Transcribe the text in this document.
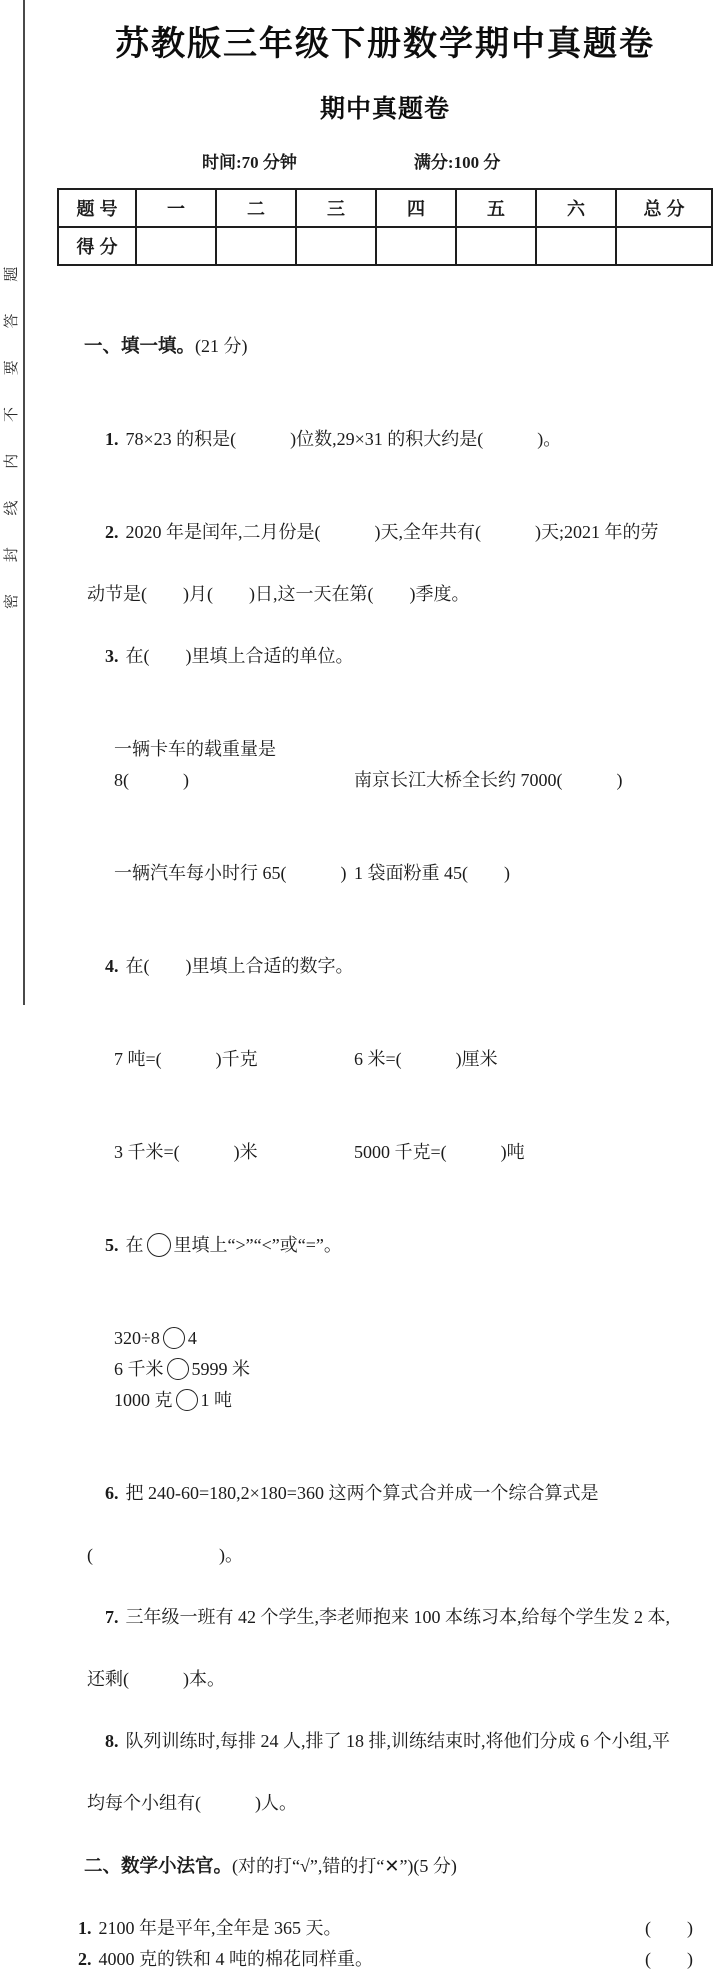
密 封 线 内 不 要 答 题
苏教版三年级下册数学期中真题卷
期中真题卷
时间:70 分钟	满分:100 分
题 号	一	二	三	四	五	六	总 分
得 分							

一、填一填。(21 分)

1. 78×23 的积是(　　　)位数,29×31 的积大约是(　　　)。

2. 2020 年是闰年,二月份是(　　　)天,全年共有(　　　)天;2021 年的劳

动节是(　　)月(　　)日,这一天在第(　　)季度。

3. 在(　　)里填上合适的单位。

一辆卡车的载重量是 8(　　　)	南京长江大桥全长约 7000(　　　)

一辆汽车每小时行 65(　　　) 1 袋面粉重 45(　　)

4. 在(　　)里填上合适的数字。

7 吨=(　　　)千克	6 米=(　　　)厘米

3 千米=(　　　)米	5000 千克=(　　　)吨

5. 在 里填上“>”“<”或“=”。

320÷8 4
6 千米 5999 米
1000 克 1 吨

6. 把 240-60=180,2×180=360 这两个算式合并成一个综合算式是

(　　　　　　　)。

7. 三年级一班有 42 个学生,李老师抱来 100 本练习本,给每个学生发 2 本,

还剩(　　　)本。

8. 队列训练时,每排 24 人,排了 18 排,训练结束时,将他们分成 6 个小组,平

均每个小组有(　　　)人。

二、数学小法官。(对的打“√”,错的打“✕”)(5 分)

1. 2100 年是平年,全年是 365 天。	(　　)
2. 4000 克的铁和 4 吨的棉花同样重。	(　　)
